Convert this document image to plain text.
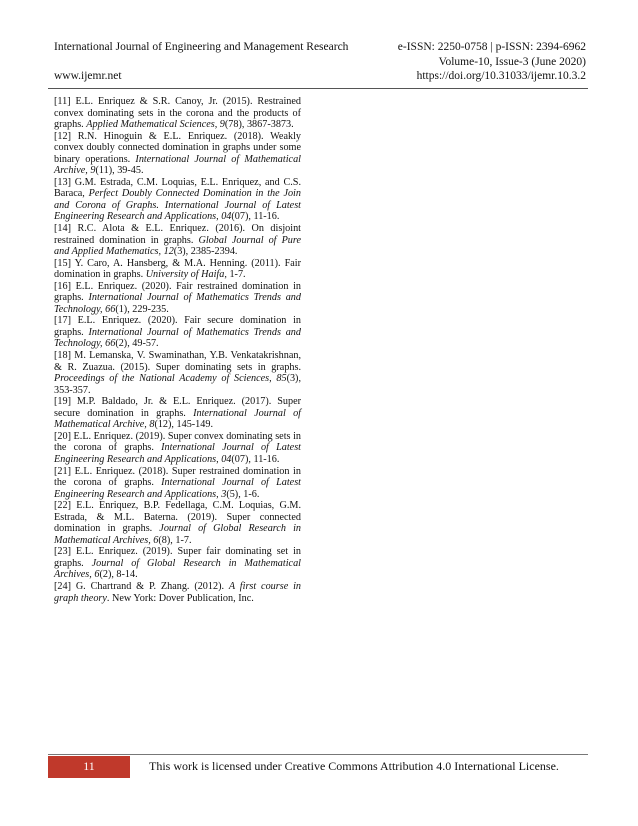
International Journal of Engineering and Management Research	e-ISSN: 2250-0758 | p-ISSN: 2394-6962
Volume-10, Issue-3 (June 2020)
www.ijemr.net	https://doi.org/10.31033/ijemr.10.3.2

[11] E.L. Enriquez & S.R. Canoy, Jr. (2015). Restrained convex dominating sets in the corona and the products of graphs. Applied Mathematical Sciences, 9(78), 3867-3873.

[12] R.N. Hinoguin & E.L. Enriquez. (2018). Weakly convex doubly connected domination in graphs under some binary operations. International Journal of Mathematical Archive, 9(11), 39-45.

[13] G.M. Estrada, C.M. Loquias, E.L. Enriquez, and C.S. Baraca, Perfect Doubly Connected Domination in the Join and Corona of Graphs. International Journal of Latest Engineering Research and Applications, 04(07), 11-16.

[14] R.C. Alota & E.L. Enriquez. (2016). On disjoint restrained domination in graphs. Global Journal of Pure and Applied Mathematics, 12(3), 2385-2394.

[15] Y. Caro, A. Hansberg, & M.A. Henning. (2011). Fair domination in graphs. University of Haifa, 1-7.

[16] E.L. Enriquez. (2020). Fair restrained domination in graphs. International Journal of Mathematics Trends and Technology, 66(1), 229-235.

[17] E.L. Enriquez. (2020). Fair secure domination in graphs. International Journal of Mathematics Trends and Technology, 66(2), 49-57.

[18] M. Lemanska, V. Swaminathan, Y.B. Venkatakrishnan, & R. Zuazua. (2015). Super dominating sets in graphs. Proceedings of the National Academy of Sciences, 85(3), 353-357.

[19] M.P. Baldado, Jr. & E.L. Enriquez. (2017). Super secure domination in graphs. International Journal of Mathematical Archive, 8(12), 145-149.

[20] E.L. Enriquez. (2019). Super convex dominating sets in the corona of graphs. International Journal of Latest Engineering Research and Applications, 04(07), 11-16.

[21] E.L. Enriquez. (2018). Super restrained domination in the corona of graphs. International Journal of Latest Engineering Research and Applications, 3(5), 1-6.

[22] E.L. Enriquez, B.P. Fedellaga, C.M. Loquias, G.M. Estrada, & M.L. Baterna. (2019). Super connected domination in graphs. Journal of Global Research in Mathematical Archives, 6(8), 1-7.

[23] E.L. Enriquez. (2019). Super fair dominating set in graphs. Journal of Global Research in Mathematical Archives, 6(2), 8-14.

[24] G. Chartrand & P. Zhang. (2012). A first course in graph theory. New York: Dover Publication, Inc.

11	This work is licensed under Creative Commons Attribution 4.0 International License.
